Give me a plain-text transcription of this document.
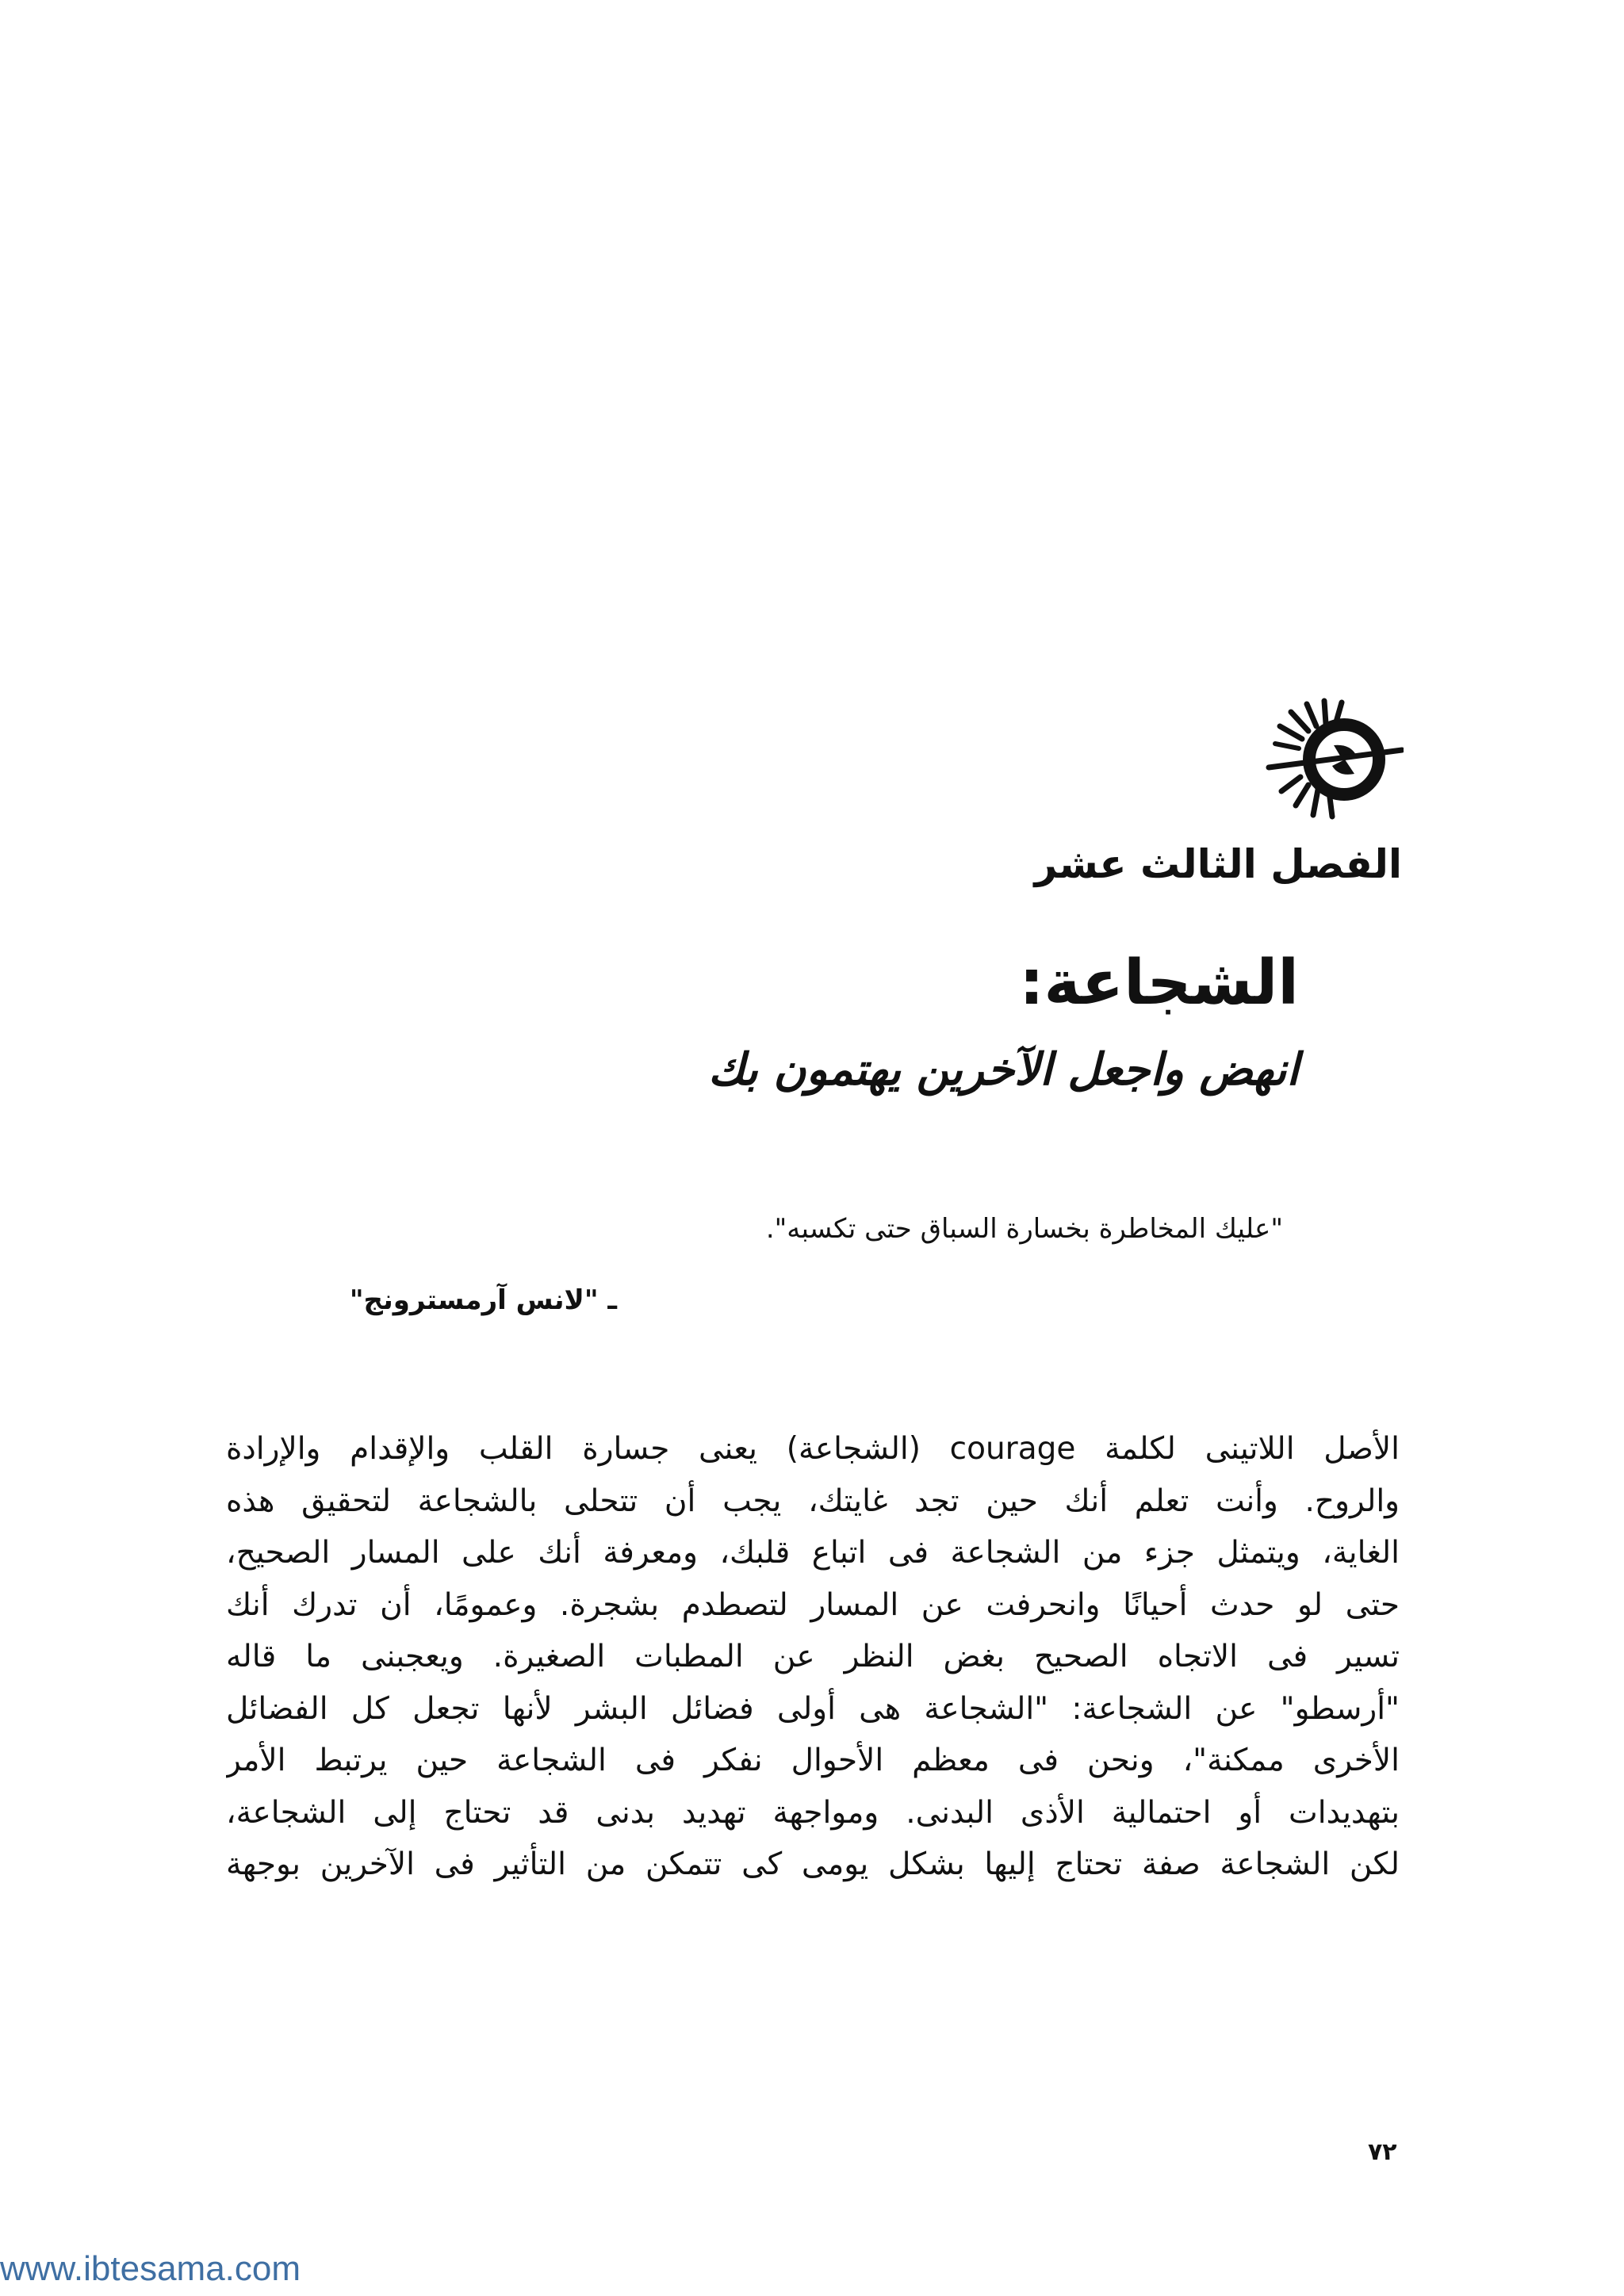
الفصل الثالث عشر
الشجاعة:
انهض واجعل الآخرين يهتمون بك
"عليك المخاطرة بخسارة السباق حتى تكسبه".
ـ "لانس آرمسترونج"
الأصل اللاتينى لكلمة courage (الشجاعة) يعنى جسارة القلب والإقدام والإرادة
والروح. وأنت تعلم أنك حين تجد غايتك، يجب أن تتحلى بالشجاعة لتحقيق هذه
الغاية، ويتمثل جزء من الشجاعة فى اتباع قلبك، ومعرفة أنك على المسار الصحيح،
حتى لو حدث أحيانًا وانحرفت عن المسار لتصطدم بشجرة. وعمومًا، أن تدرك أنك
تسير فى الاتجاه الصحيح بغض النظر عن المطبات الصغيرة. ويعجبنى ما قاله
"أرسطو" عن الشجاعة: "الشجاعة هى أولى فضائل البشر لأنها تجعل كل الفضائل
الأخرى ممكنة"، ونحن فى معظم الأحوال نفكر فى الشجاعة حين يرتبط الأمر
بتهديدات أو احتمالية الأذى البدنى. ومواجهة تهديد بدنى قد تحتاج إلى الشجاعة،
لكن الشجاعة صفة تحتاج إليها بشكل يومى كى تتمكن من التأثير فى الآخرين بوجهة
٧٢
www.ibtesama.com
